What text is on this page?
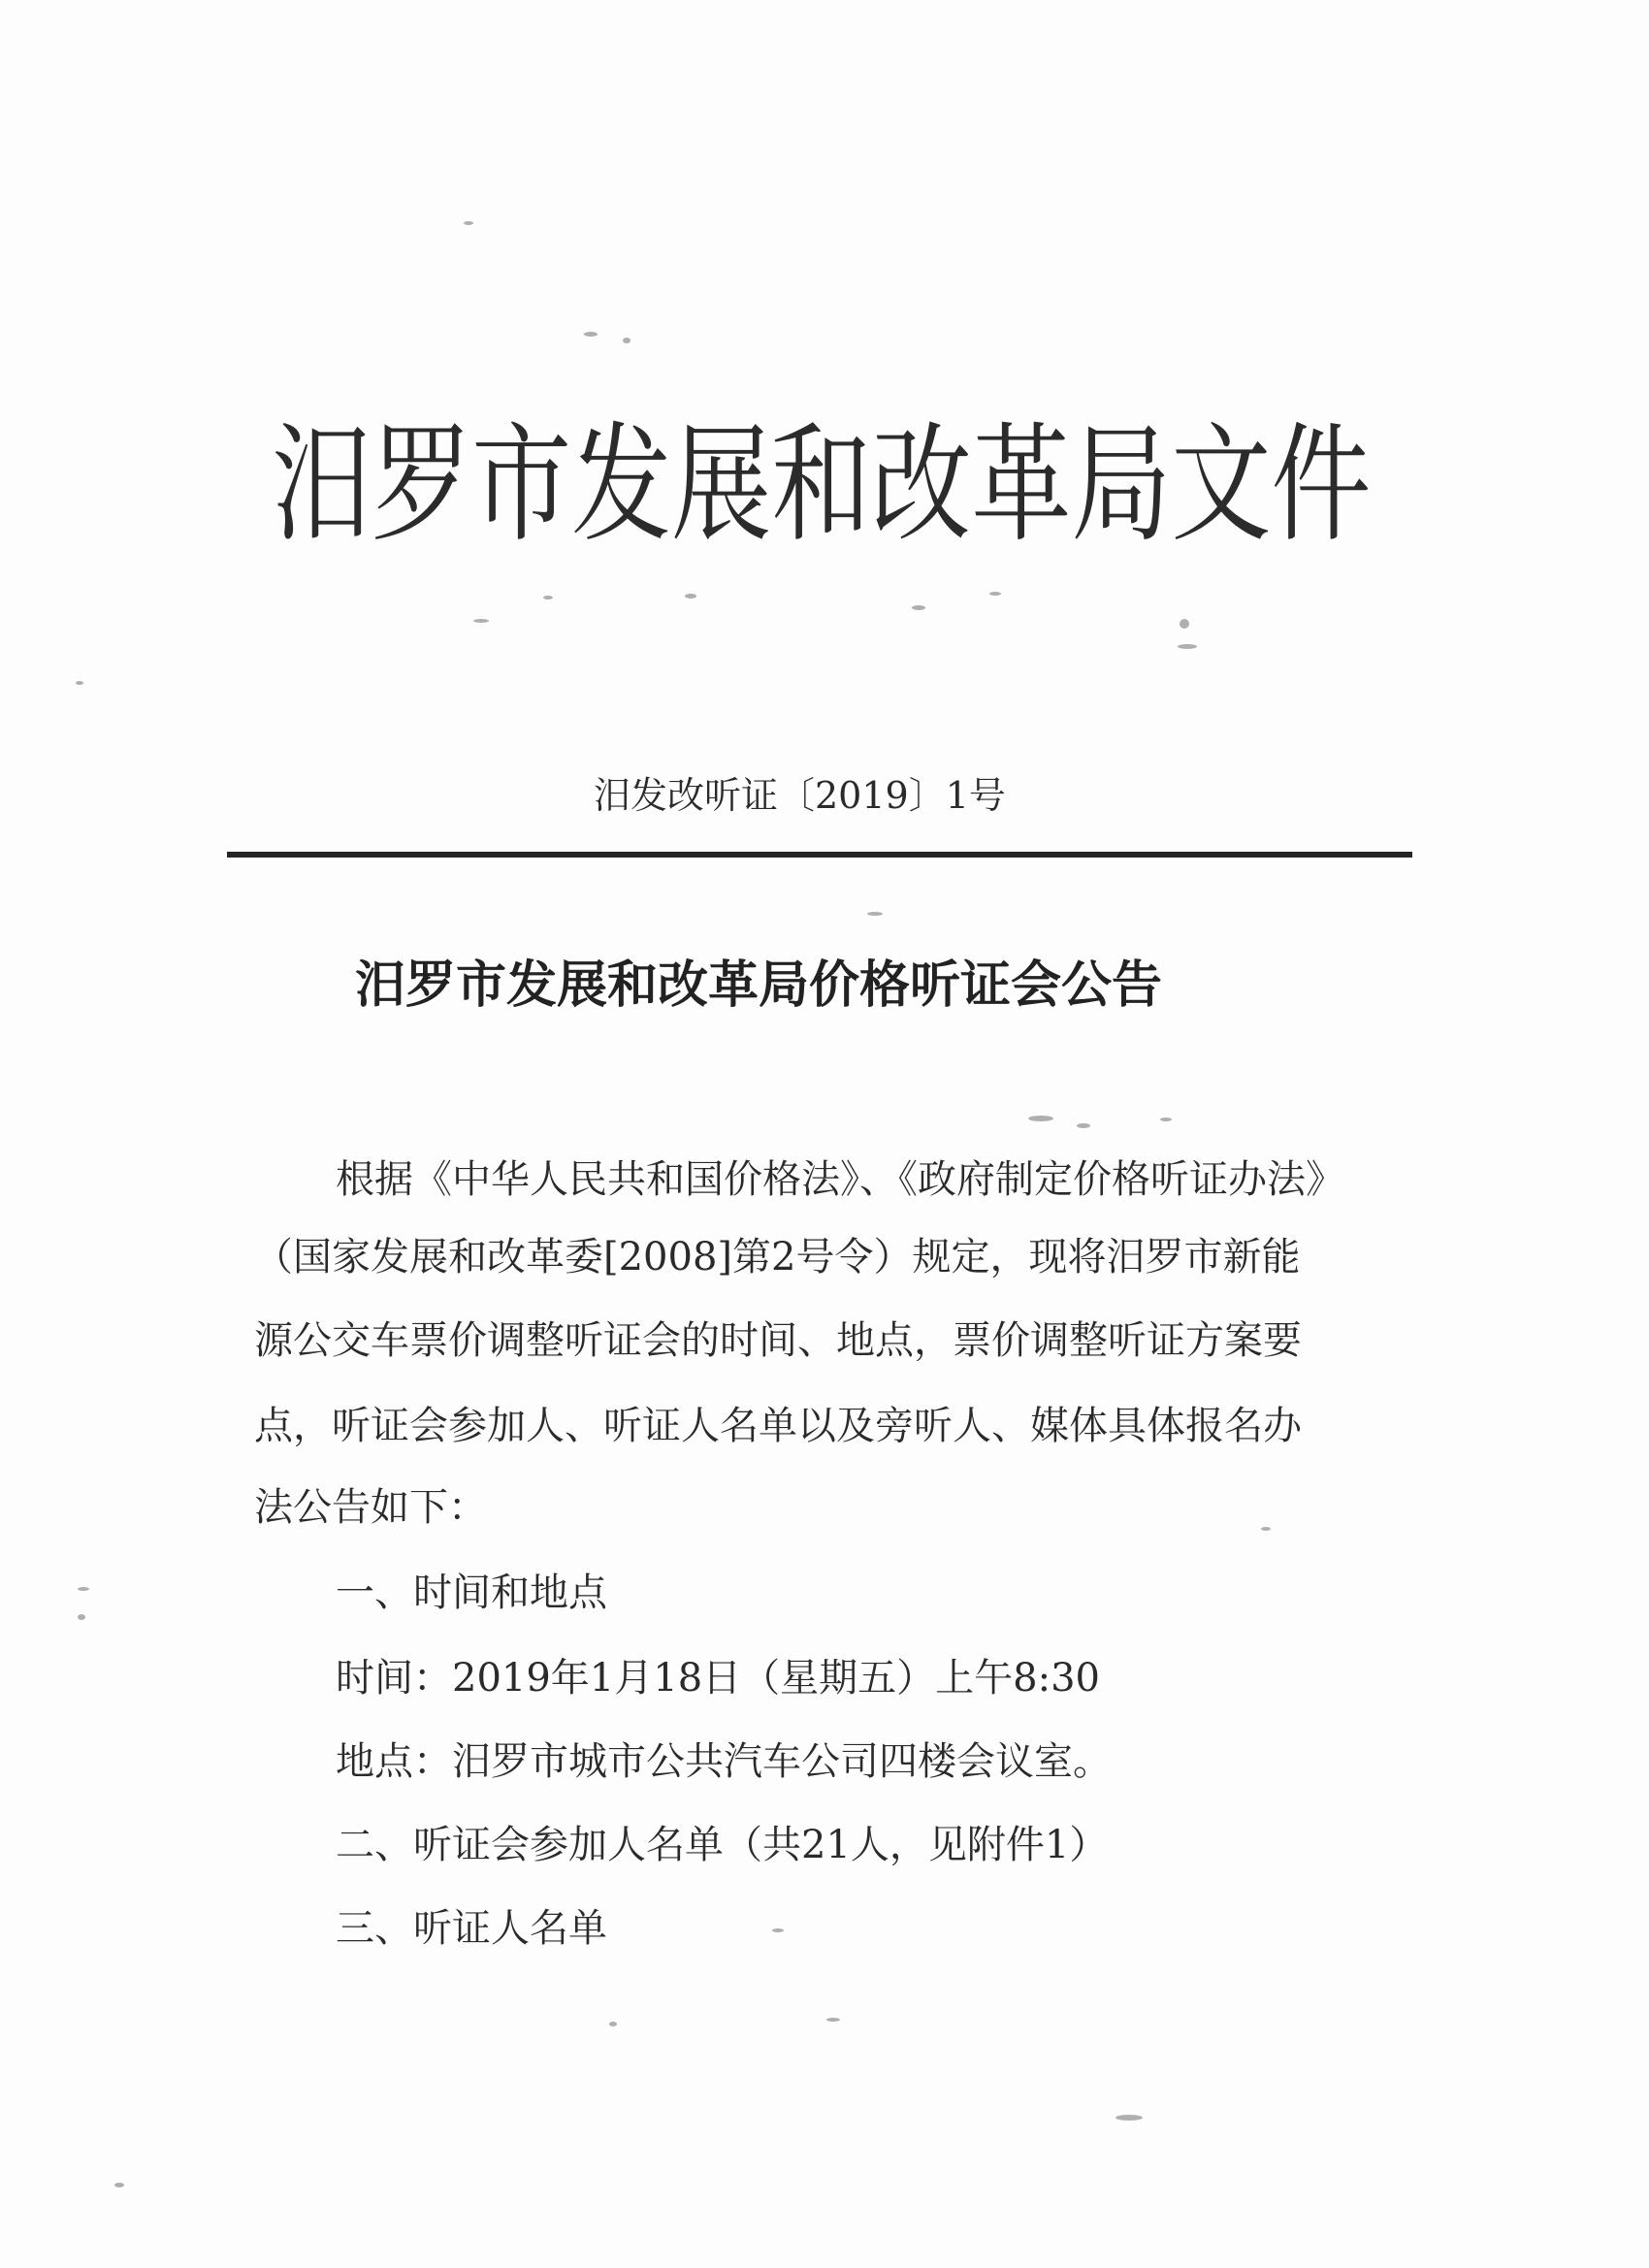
汨罗市发展和改革局文件
汨发改听证〔2019〕1号
汨罗市发展和改革局价格听证会公告
根据《中华人民共和国价格法》、《政府制定价格听证办法》
（国家发展和改革委[2008]第2号令）规定，现将汨罗市新能
源公交车票价调整听证会的时间、地点，票价调整听证方案要
点，听证会参加人、听证人名单以及旁听人、媒体具体报名办
法公告如下：
一、时间和地点
时间：2019年1月18日（星期五）上午8:30
地点：汨罗市城市公共汽车公司四楼会议室。
二、听证会参加人名单（共21人，见附件1）
三、听证人名单
